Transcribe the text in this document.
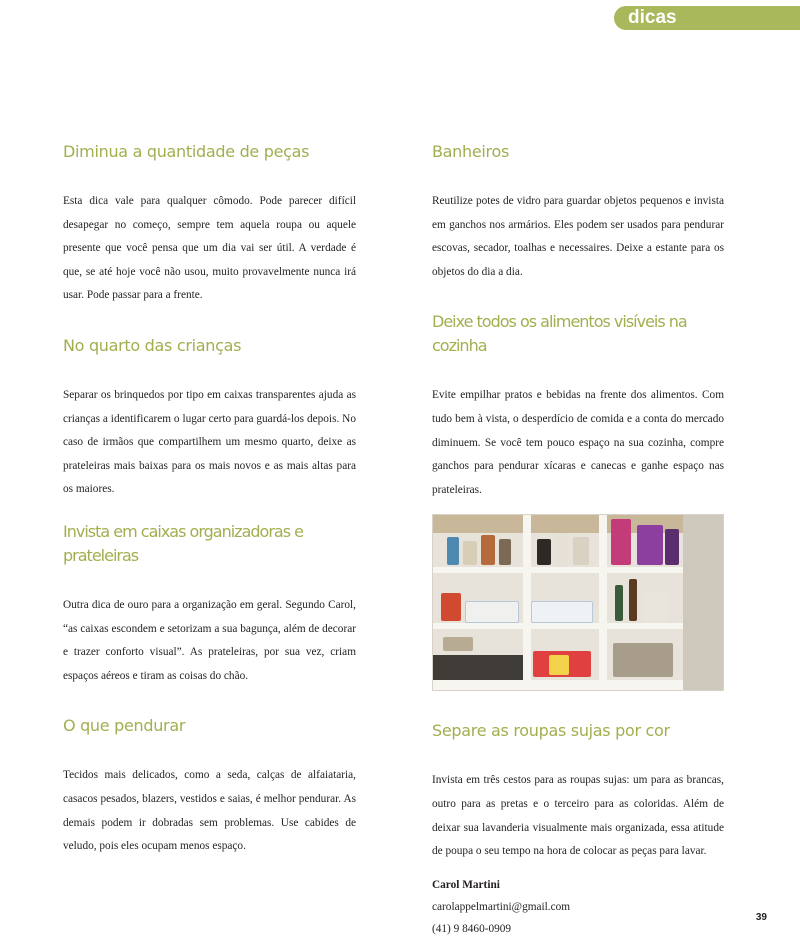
dicas
Diminua a quantidade de peças

Esta dica vale para qualquer cômodo. Pode parecer difícil desapegar no começo, sempre tem aquela roupa ou aquele presente que você pensa que um dia vai ser útil. A verdade é que, se até hoje você não usou, muito provavelmente nunca irá usar. Pode passar para a frente.

No quarto das crianças

Separar os brinquedos por tipo em caixas transparentes ajuda as crianças a identificarem o lugar certo para guardá-los depois. No caso de irmãos que compartilhem um mesmo quarto, deixe as prateleiras mais baixas para os mais novos e as mais altas para os maiores.

Invista em caixas organizadoras e prateleiras

Outra dica de ouro para a organização em geral. Segundo Carol, “as caixas escondem e setorizam a sua bagunça, além de decorar e trazer conforto visual”. As prateleiras, por sua vez, criam espaços aéreos e tiram as coisas do chão.

O que pendurar

Tecidos mais delicados, como a seda, calças de alfaiataria, casacos pesados, blazers, vestidos e saias, é melhor pendurar. As demais podem ir dobradas sem problemas. Use cabides de veludo, pois eles ocupam menos espaço.

Banheiros

Reutilize potes de vidro para guardar objetos pequenos e invista em ganchos nos armários. Eles podem ser usados para pendurar escovas, secador, toalhas e necessaires. Deixe a estante para os objetos do dia a dia.

Deixe todos os alimentos visíveis na cozinha

Evite empilhar pratos e bebidas na frente dos alimentos. Com tudo bem à vista, o desperdício de comida e a conta do mercado diminuem. Se você tem pouco espaço na sua cozinha, compre ganchos para pendurar xícaras e canecas e ganhe espaço nas prateleiras.

Separe as roupas sujas por cor

Invista em três cestos para as roupas sujas: um para as brancas, outro para as pretas e o terceiro para as coloridas. Além de deixar sua lavanderia visualmente mais organizada, essa atitude de poupa o seu tempo na hora de colocar as peças para lavar.

Carol Martini

carolappelmartini@gmail.com

(41) 9 8460-0909

39
